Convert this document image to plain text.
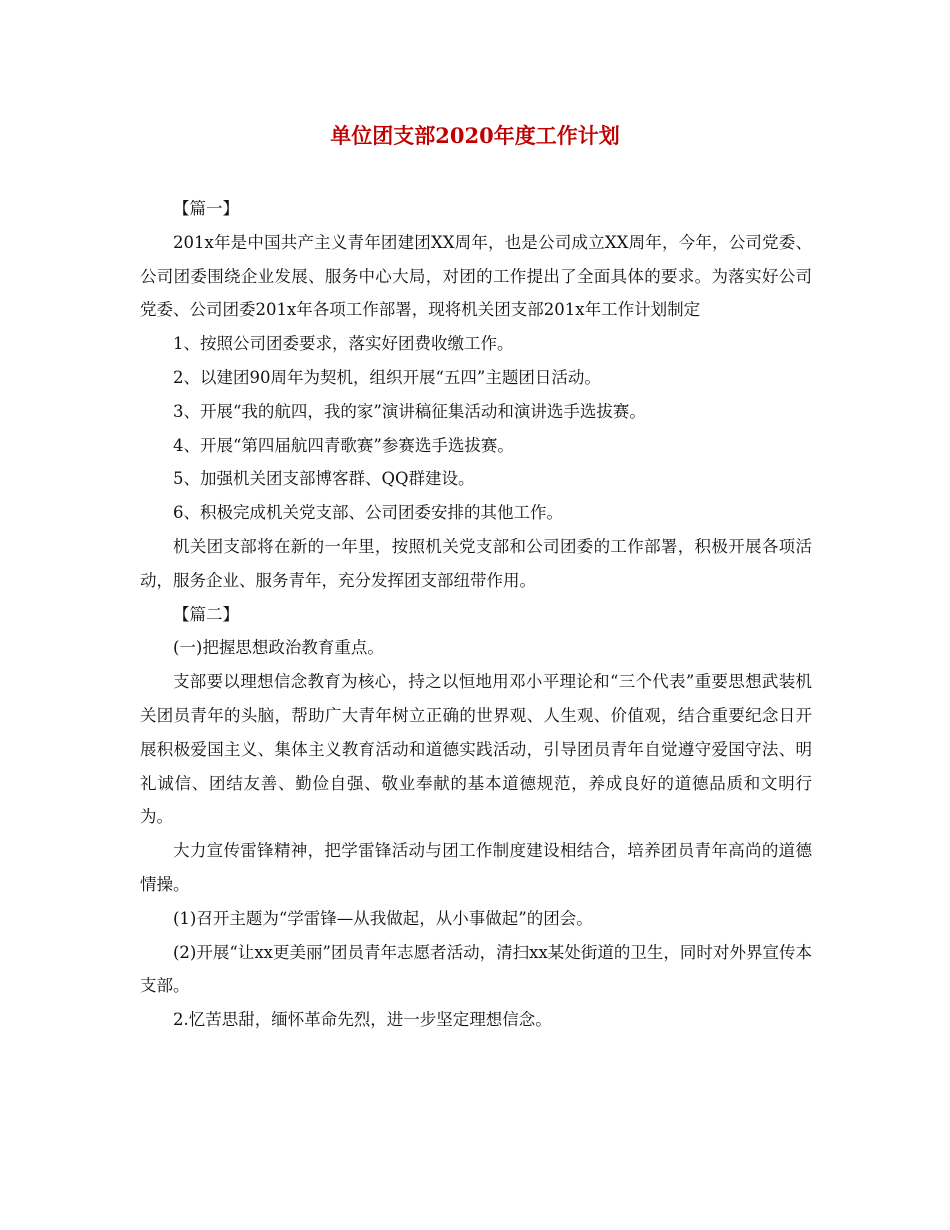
单位团支部2020年度工作计划

【篇一】

201x年是中国共产主义青年团建团XX周年，也是公司成立XX周年，今年，公司党委、公司团委围绕企业发展、服务中心大局，对团的工作提出了全面具体的要求。为落实好公司党委、公司团委201x年各项工作部署，现将机关团支部201x年工作计划制定

1、按照公司团委要求，落实好团费收缴工作。

2、以建团90周年为契机，组织开展“五四”主题团日活动。

3、开展“我的航四，我的家”演讲稿征集活动和演讲选手选拔赛。

4、开展“第四届航四青歌赛”参赛选手选拔赛。

5、加强机关团支部博客群、QQ群建设。

6、积极完成机关党支部、公司团委安排的其他工作。

机关团支部将在新的一年里，按照机关党支部和公司团委的工作部署，积极开展各项活动，服务企业、服务青年，充分发挥团支部纽带作用。

【篇二】

(一)把握思想政治教育重点。

支部要以理想信念教育为核心，持之以恒地用邓小平理论和“三个代表”重要思想武装机关团员青年的头脑，帮助广大青年树立正确的世界观、人生观、价值观，结合重要纪念日开展积极爱国主义、集体主义教育活动和道德实践活动，引导团员青年自觉遵守爱国守法、明礼诚信、团结友善、勤俭自强、敬业奉献的基本道德规范，养成良好的道德品质和文明行为。

大力宣传雷锋精神，把学雷锋活动与团工作制度建设相结合，培养团员青年高尚的道德情操。

(1)召开主题为“学雷锋—从我做起，从小事做起”的团会。

(2)开展“让xx更美丽”团员青年志愿者活动，清扫xx某处街道的卫生，同时对外界宣传本支部。

2.忆苦思甜，缅怀革命先烈，进一步坚定理想信念。
